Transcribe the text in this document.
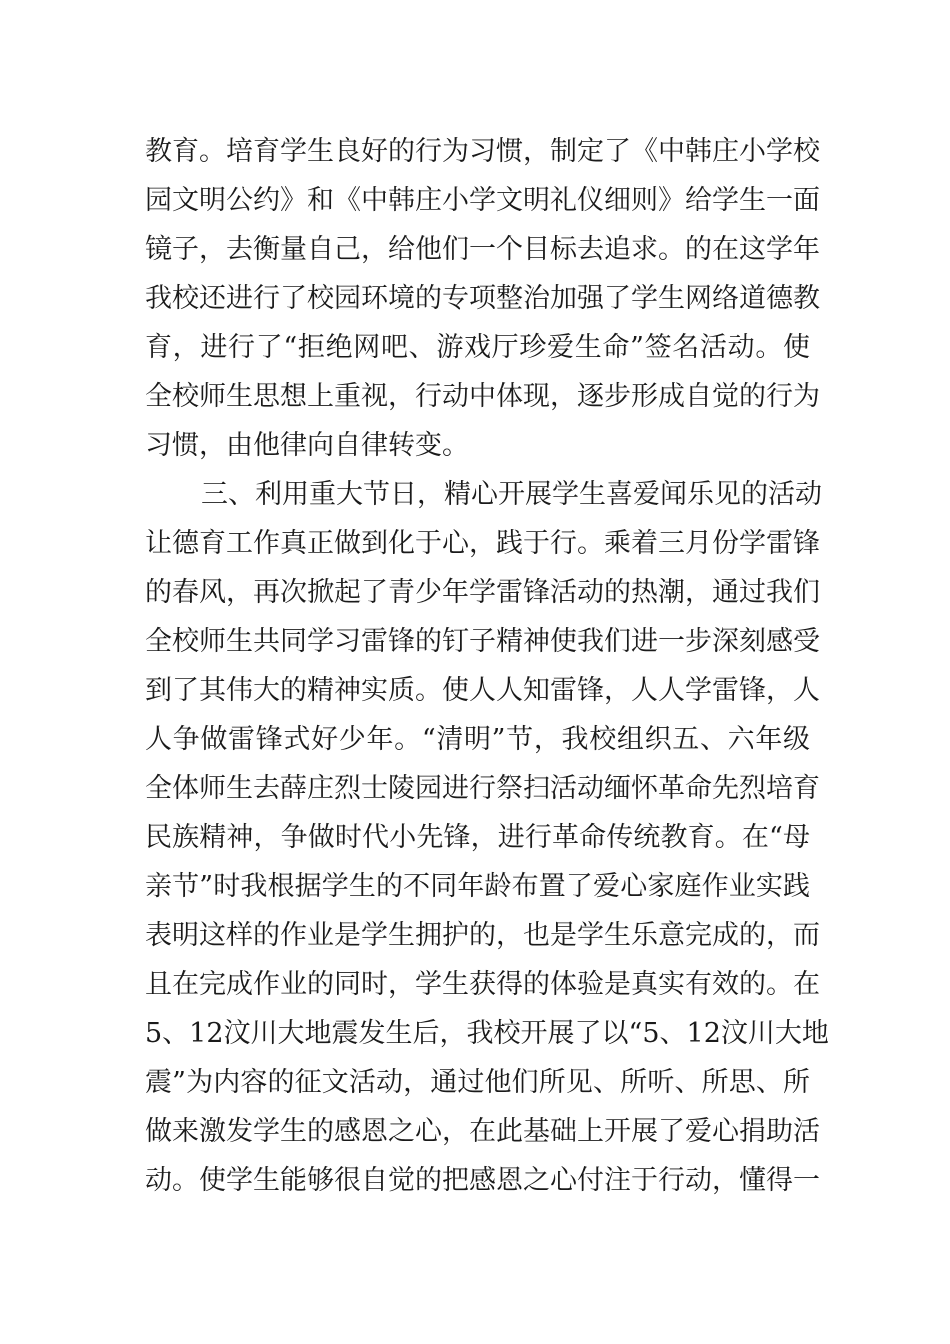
教育。培育学生良好的行为习惯，制定了《中韩庄小学校
园文明公约》和《中韩庄小学文明礼仪细则》给学生一面
镜子，去衡量自己，给他们一个目标去追求。的在这学年
我校还进行了校园环境的专项整治加强了学生网络道德教
育，进行了“拒绝网吧、游戏厅珍爱生命”签名活动。使
全校师生思想上重视，行动中体现，逐步形成自觉的行为
习惯，由他律向自律转变。
三、利用重大节日，精心开展学生喜爱闻乐见的活动
让德育工作真正做到化于心，践于行。乘着三月份学雷锋
的春风，再次掀起了青少年学雷锋活动的热潮，通过我们
全校师生共同学习雷锋的钉子精神使我们进一步深刻感受
到了其伟大的精神实质。使人人知雷锋，人人学雷锋，人
人争做雷锋式好少年。“清明”节，我校组织五、六年级
全体师生去薛庄烈士陵园进行祭扫活动缅怀革命先烈培育
民族精神，争做时代小先锋，进行革命传统教育。在“母
亲节”时我根据学生的不同年龄布置了爱心家庭作业实践
表明这样的作业是学生拥护的，也是学生乐意完成的，而
且在完成作业的同时，学生获得的体验是真实有效的。在
5、12汶川大地震发生后，我校开展了以“5、12汶川大地
震”为内容的征文活动，通过他们所见、所听、所思、所
做来激发学生的感恩之心，在此基础上开展了爱心捐助活
动。使学生能够很自觉的把感恩之心付注于行动，懂得一
